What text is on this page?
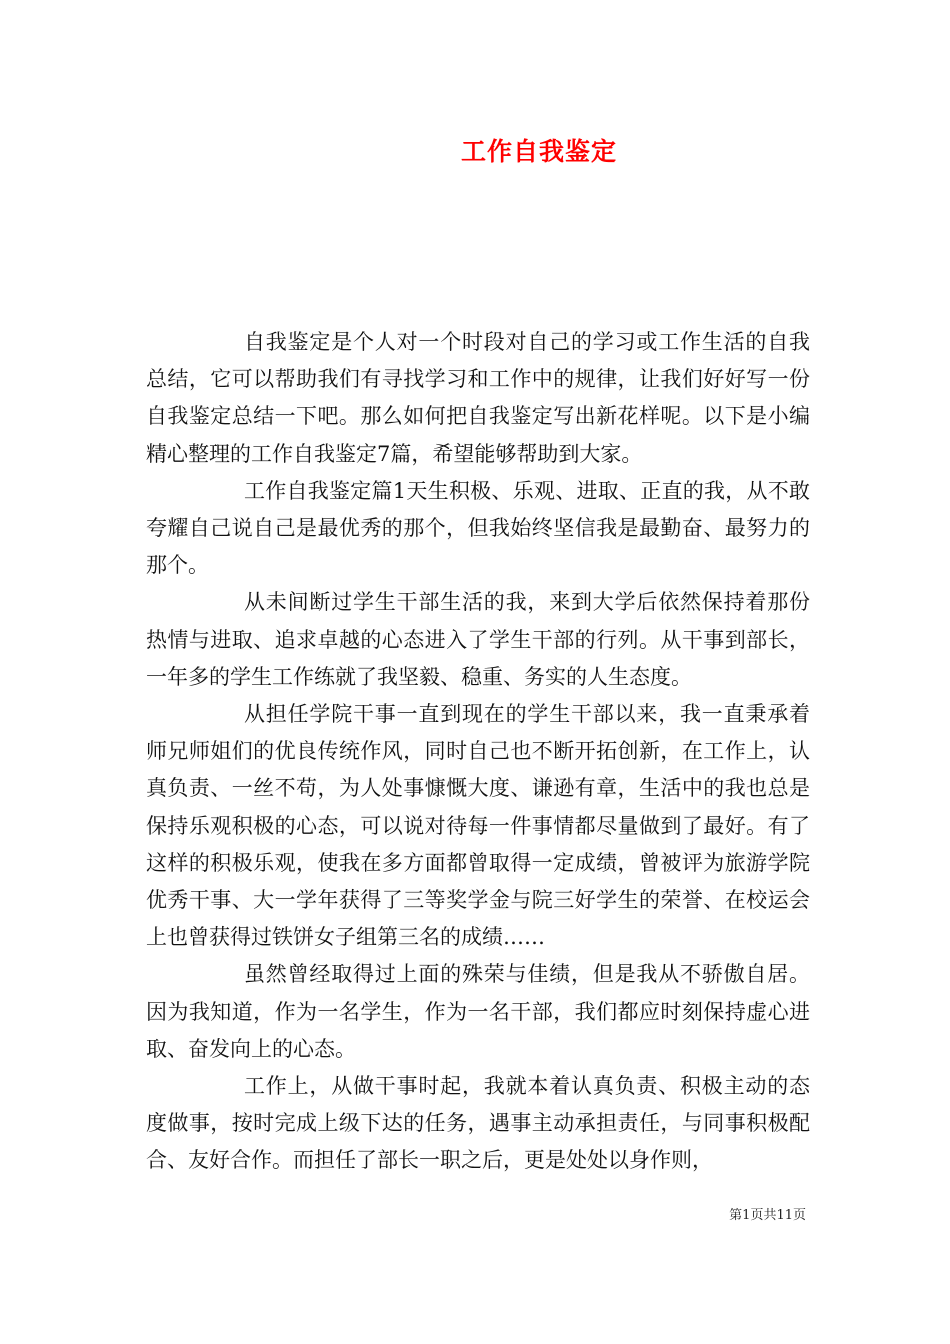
工作自我鉴定

自我鉴定是个人对一个时段对自己的学习或工作生活的自我总结，它可以帮助我们有寻找学习和工作中的规律，让我们好好写一份自我鉴定总结一下吧。那么如何把自我鉴定写出新花样呢。以下是小编精心整理的工作自我鉴定7篇，希望能够帮助到大家。

工作自我鉴定篇1天生积极、乐观、进取、正直的我，从不敢夸耀自己说自己是最优秀的那个，但我始终坚信我是最勤奋、最努力的那个。

从未间断过学生干部生活的我，来到大学后依然保持着那份热情与进取、追求卓越的心态进入了学生干部的行列。从干事到部长，一年多的学生工作练就了我坚毅、稳重、务实的人生态度。

从担任学院干事一直到现在的学生干部以来，我一直秉承着师兄师姐们的优良传统作风，同时自己也不断开拓创新，在工作上，认真负责、一丝不苟，为人处事慷慨大度、谦逊有章，生活中的我也总是保持乐观积极的心态，可以说对待每一件事情都尽量做到了最好。有了这样的积极乐观，使我在多方面都曾取得一定成绩，曾被评为旅游学院优秀干事、大一学年获得了三等奖学金与院三好学生的荣誉、在校运会上也曾获得过铁饼女子组第三名的成绩……

虽然曾经取得过上面的殊荣与佳绩，但是我从不骄傲自居。因为我知道，作为一名学生，作为一名干部，我们都应时刻保持虚心进取、奋发向上的心态。

工作上，从做干事时起，我就本着认真负责、积极主动的态度做事，按时完成上级下达的任务，遇事主动承担责任，与同事积极配合、友好合作。而担任了部长一职之后，更是处处以身作则，

第1页共11页
